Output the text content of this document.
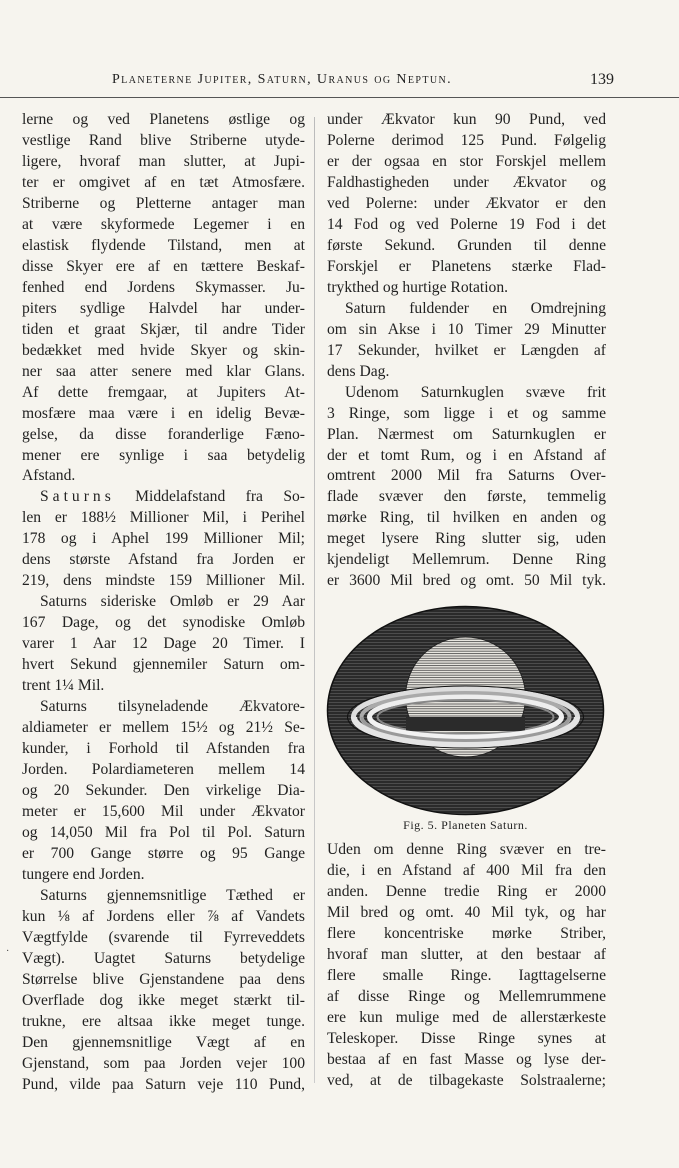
Planeterne Jupiter, Saturn, Uranus og Neptun.	139
lerne og ved Planetens østlige og
vestlige Rand blive Striberne utyde-
ligere, hvoraf man slutter, at Jupi-
ter er omgivet af en tæt Atmosfære.
Striberne og Pletterne antager man
at være skyformede Legemer i en
elastisk flydende Tilstand, men at
disse Skyer ere af en tættere Beskaf-
fenhed end Jordens Skymasser. Ju-
piters sydlige Halvdel har under-
tiden et graat Skjær, til andre Tider
bedækket med hvide Skyer og skin-
ner saa atter senere med klar Glans.
Af dette fremgaar, at Jupiters At-
mosfære maa være i en idelig Bevæ-
gelse, da disse foranderlige Fæno-
mener ere synlige i saa betydelig
Afstand.
Saturns Middelafstand fra So-
len er 188½ Millioner Mil, i Perihel
178 og i Aphel 199 Millioner Mil;
dens største Afstand fra Jorden er
219, dens mindste 159 Millioner Mil.
Saturns sideriske Omløb er 29 Aar
167 Dage, og det synodiske Omløb
varer 1 Aar 12 Dage 20 Timer. I
hvert Sekund gjennemiler Saturn om-
trent 1¼ Mil.
Saturns tilsyneladende Ækvatore-
aldiameter er mellem 15½ og 21½ Se-
kunder, i Forhold til Afstanden fra
Jorden. Polardiameteren mellem 14
og 20 Sekunder. Den virkelige Dia-
meter er 15,600 Mil under Ækvator
og 14,050 Mil fra Pol til Pol. Saturn
er 700 Gange større og 95 Gange
tungere end Jorden.
Saturns gjennemsnitlige Tæthed er
kun ⅛ af Jordens eller ⅞ af Vandets
Vægtfylde (svarende til Fyrreveddets
Vægt). Uagtet Saturns betydelige
Størrelse blive Gjenstandene paa dens
Overflade dog ikke meget stærkt til-
trukne, ere altsaa ikke meget tunge.
Den gjennemsnitlige Vægt af en
Gjenstand, som paa Jorden vejer 100
Pund, vilde paa Saturn veje 110 Pund,
under Ækvator kun 90 Pund, ved
Polerne derimod 125 Pund. Følgelig
er der ogsaa en stor Forskjel mellem
Faldhastigheden under Ækvator og
ved Polerne: under Ækvator er den
14 Fod og ved Polerne 19 Fod i det
første Sekund. Grunden til denne
Forskjel er Planetens stærke Flad-
trykthed og hurtige Rotation.
Saturn fuldender en Omdrejning
om sin Akse i 10 Timer 29 Minutter
17 Sekunder, hvilket er Længden af
dens Dag.
Udenom Saturnkuglen svæve frit
3 Ringe, som ligge i et og samme
Plan. Nærmest om Saturnkuglen er
der et tomt Rum, og i en Afstand af
omtrent 2000 Mil fra Saturns Over-
flade svæver den første, temmelig
mørke Ring, til hvilken en anden og
meget lysere Ring slutter sig, uden
kjendeligt Mellemrum. Denne Ring
er 3600 Mil bred og omt. 50 Mil tyk.
Fig. 5. Planeten Saturn.
Uden om denne Ring svæver en tre-
die, i en Afstand af 400 Mil fra den
anden. Denne tredie Ring er 2000
Mil bred og omt. 40 Mil tyk, og har
flere koncentriske mørke Striber,
hvoraf man slutter, at den bestaar af
flere smalle Ringe. Iagttagelserne
af disse Ringe og Mellemrummene
ere kun mulige med de allerstærkeste
Teleskoper. Disse Ringe synes at
bestaa af en fast Masse og lyse der-
ved, at de tilbagekaste Solstraalerne;
·
